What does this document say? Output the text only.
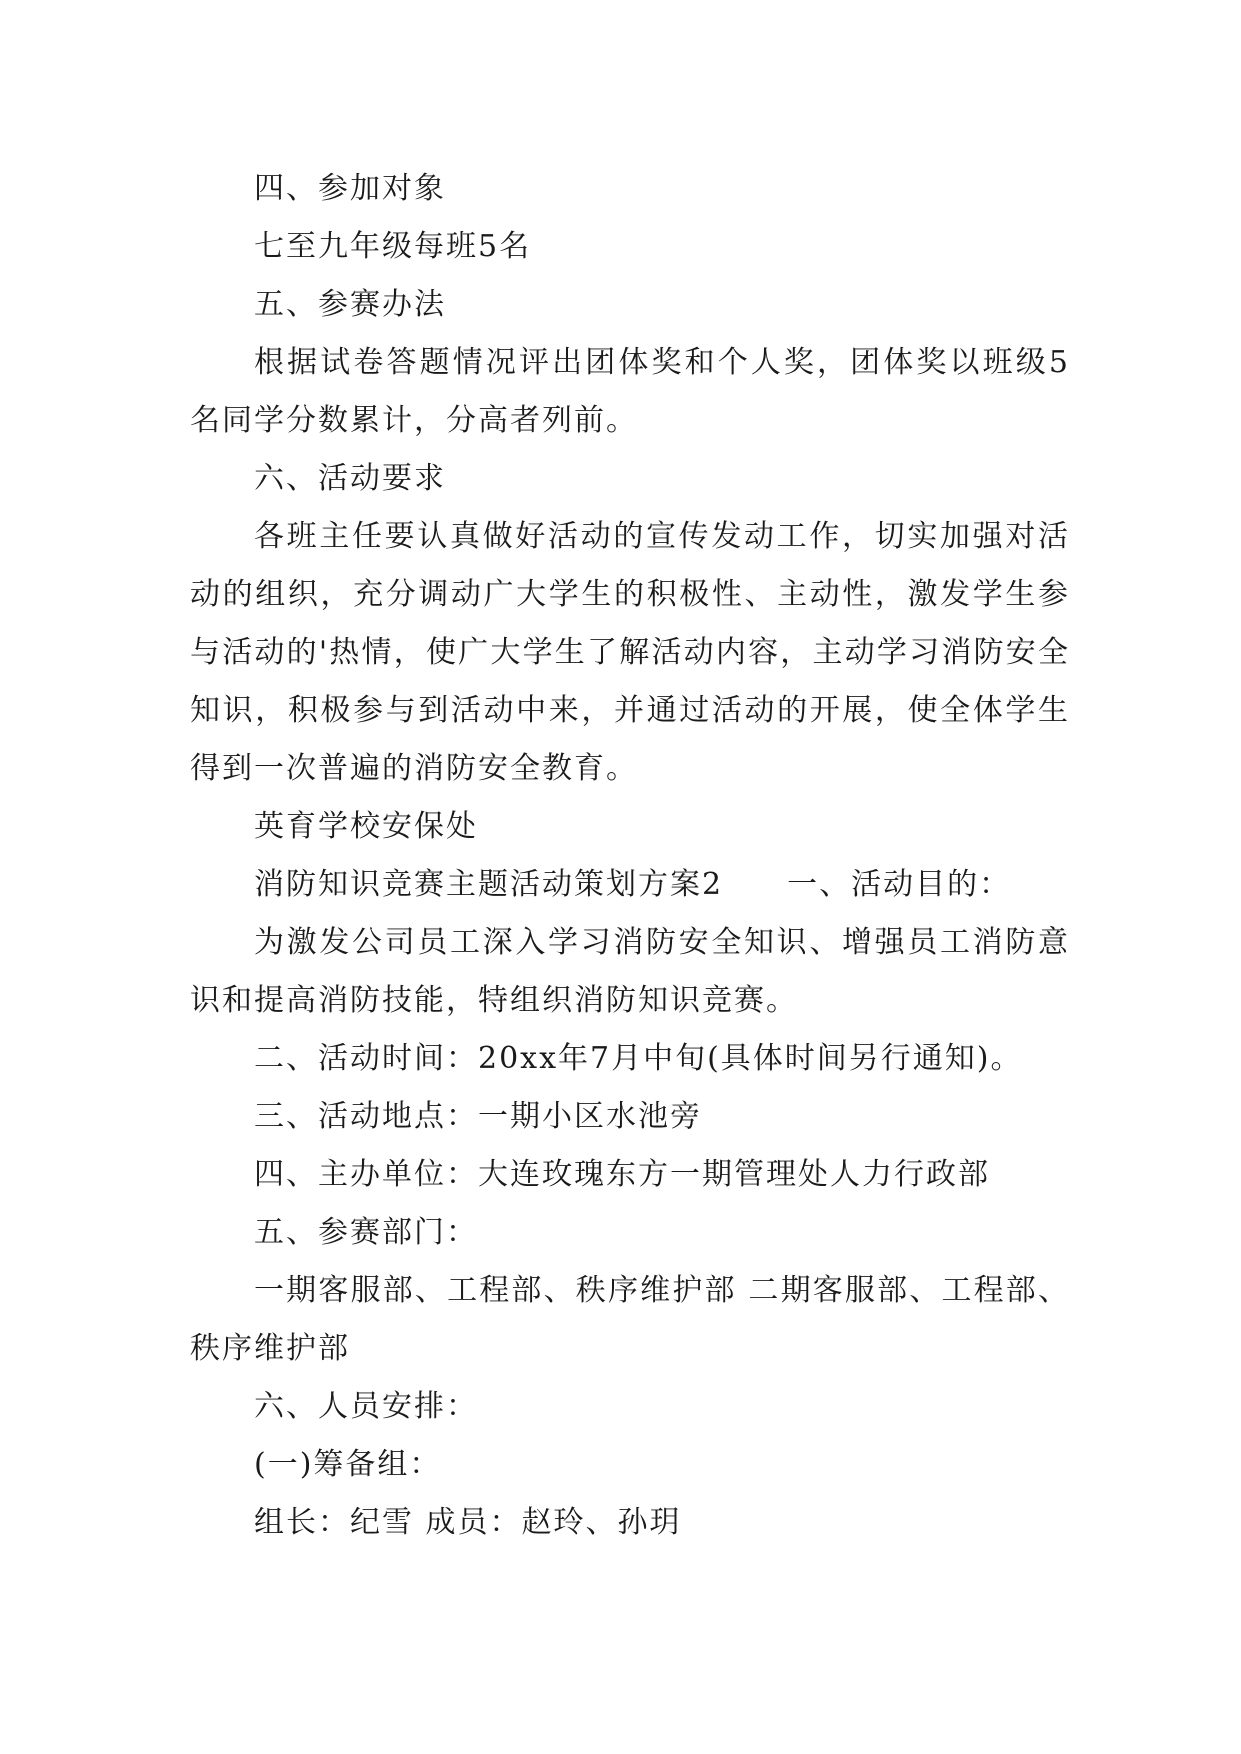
四、参加对象

七至九年级每班5名

五、参赛办法

根据试卷答题情况评出团体奖和个人奖，团体奖以班级5名同学分数累计，分高者列前。

六、活动要求

各班主任要认真做好活动的宣传发动工作，切实加强对活动的组织，充分调动广大学生的积极性、主动性，激发学生参与活动的'热情，使广大学生了解活动内容，主动学习消防安全知识，积极参与到活动中来，并通过活动的开展，使全体学生得到一次普遍的消防安全教育。

英育学校安保处

消防知识竞赛主题活动策划方案2　　一、活动目的：

为激发公司员工深入学习消防安全知识、增强员工消防意识和提高消防技能，特组织消防知识竞赛。

二、活动时间：20xx年7月中旬(具体时间另行通知)。

三、活动地点：一期小区水池旁

四、主办单位：大连玫瑰东方一期管理处人力行政部

五、参赛部门：

一期客服部、工程部、秩序维护部 二期客服部、工程部、秩序维护部

六、人员安排：

(一)筹备组：

组长：纪雪 成员：赵玲、孙玥
